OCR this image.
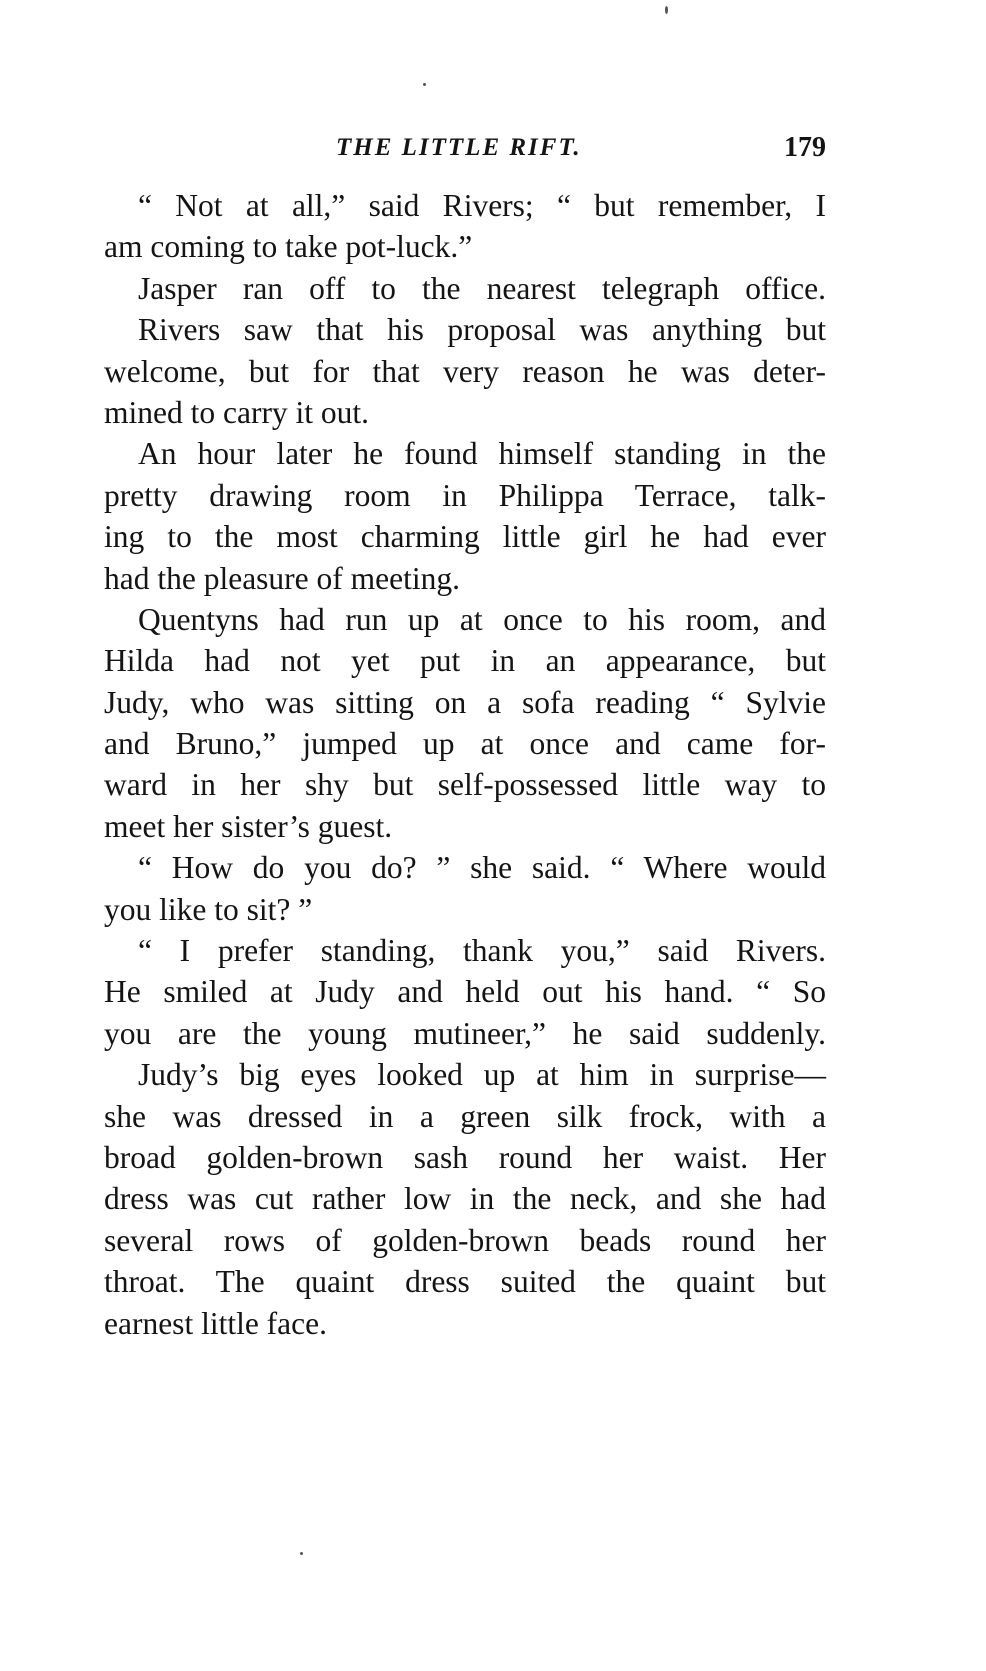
THE LITTLE RIFT.	179
“ Not at all,” said Rivers; “ but remember, I
am coming to take pot-luck.”
Jasper ran off to the nearest telegraph office.
Rivers saw that his proposal was anything but
welcome, but for that very reason he was deter-
mined to carry it out.
An hour later he found himself standing in the
pretty drawing room in Philippa Terrace, talk-
ing to the most charming little girl he had ever
had the pleasure of meeting.
Quentyns had run up at once to his room, and
Hilda had not yet put in an appearance, but
Judy, who was sitting on a sofa reading “ Sylvie
and Bruno,” jumped up at once and came for-
ward in her shy but self-possessed little way to
meet her sister’s guest.
“ How do you do? ” she said. “ Where would
you like to sit? ”
“ I prefer standing, thank you,” said Rivers.
He smiled at Judy and held out his hand. “ So
you are the young mutineer,” he said suddenly.
Judy’s big eyes looked up at him in surprise—
she was dressed in a green silk frock, with a
broad golden-brown sash round her waist. Her
dress was cut rather low in the neck, and she had
several rows of golden-brown beads round her
throat. The quaint dress suited the quaint but
earnest little face.
